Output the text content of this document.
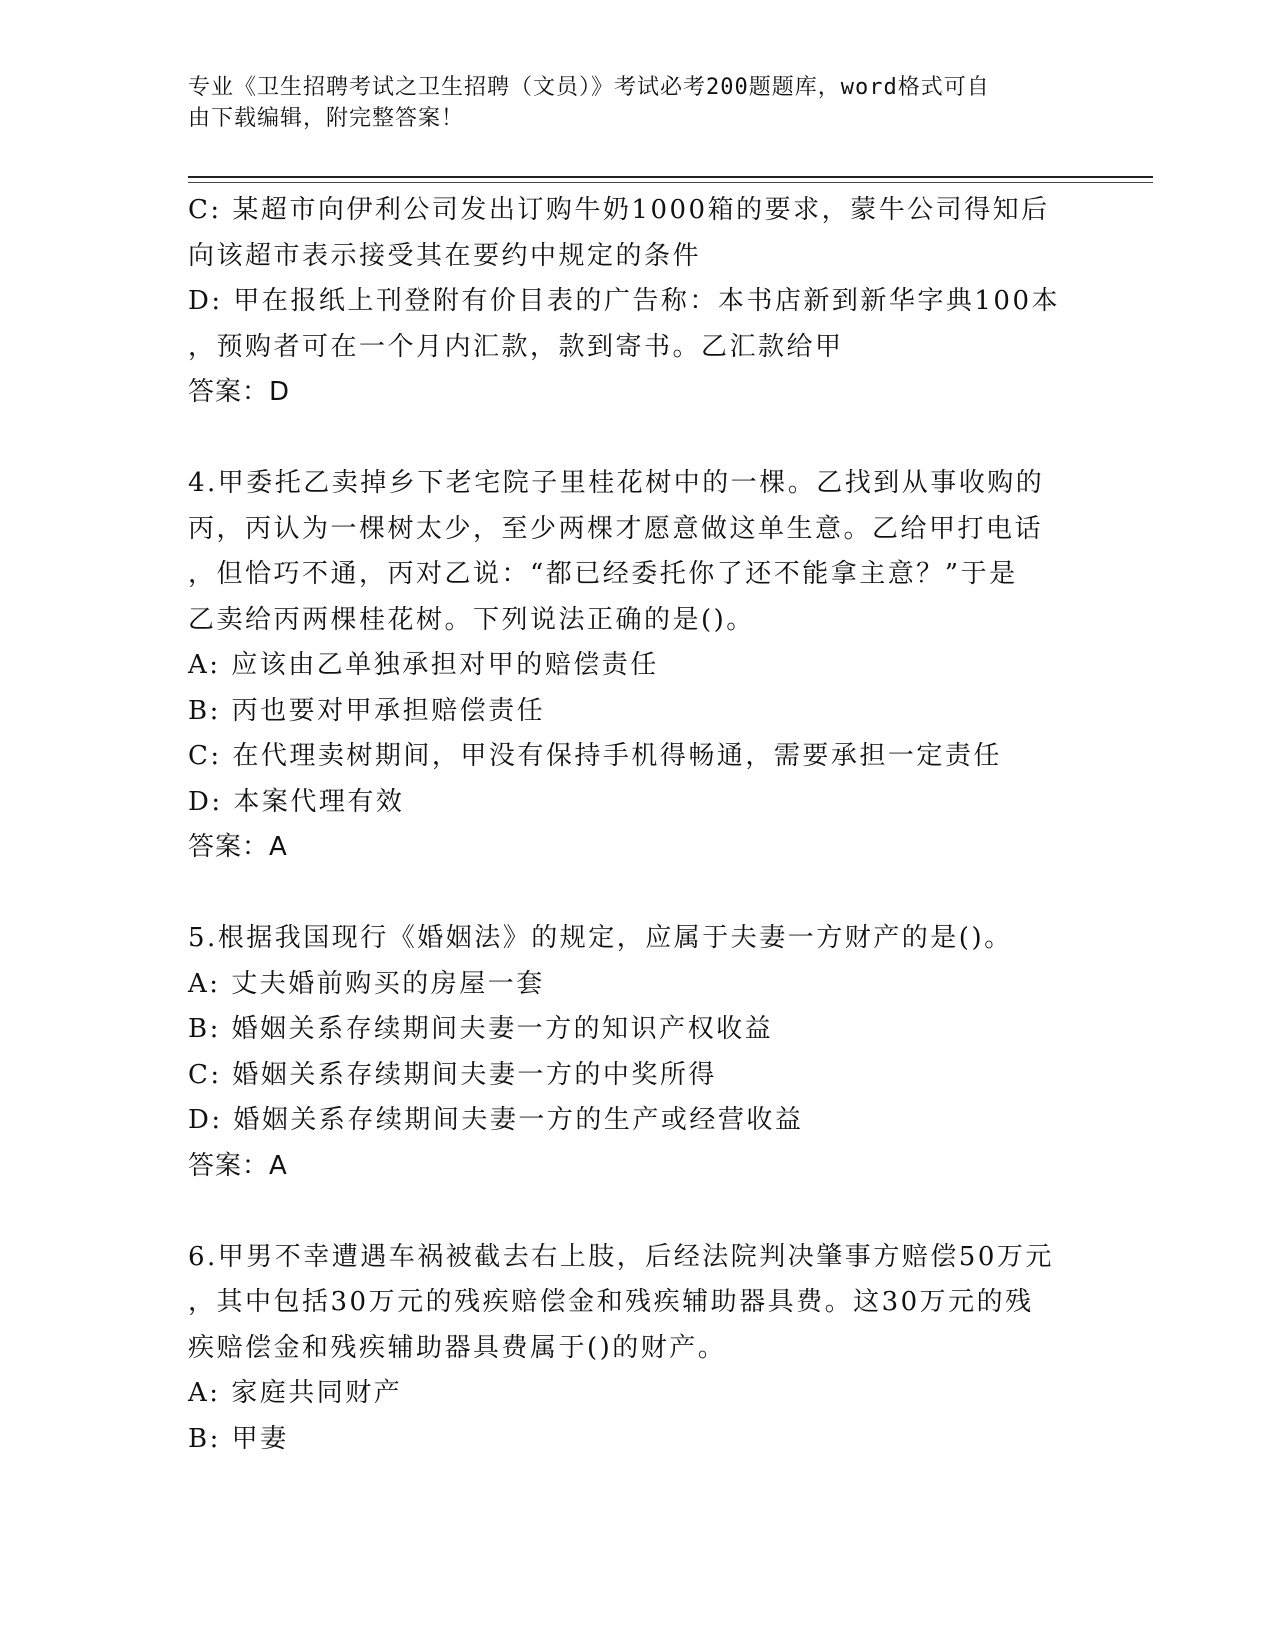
专业《卫生招聘考试之卫生招聘（文员）》考试必考200题题库，word格式可自
由下载编辑，附完整答案！
C: 某超市向伊利公司发出订购牛奶1000箱的要求，蒙牛公司得知后
向该超市表示接受其在要约中规定的条件
D: 甲在报纸上刊登附有价目表的广告称：本书店新到新华字典100本
，预购者可在一个月内汇款，款到寄书。乙汇款给甲
答案：D
4.甲委托乙卖掉乡下老宅院子里桂花树中的一棵。乙找到从事收购的
丙，丙认为一棵树太少，至少两棵才愿意做这单生意。乙给甲打电话
，但恰巧不通，丙对乙说：“都已经委托你了还不能拿主意？”于是
乙卖给丙两棵桂花树。下列说法正确的是()。
A: 应该由乙单独承担对甲的赔偿责任
B: 丙也要对甲承担赔偿责任
C: 在代理卖树期间，甲没有保持手机得畅通，需要承担一定责任
D: 本案代理有效
答案：A
5.根据我国现行《婚姻法》的规定，应属于夫妻一方财产的是()。
A: 丈夫婚前购买的房屋一套
B: 婚姻关系存续期间夫妻一方的知识产权收益
C: 婚姻关系存续期间夫妻一方的中奖所得
D: 婚姻关系存续期间夫妻一方的生产或经营收益
答案：A
6.甲男不幸遭遇车祸被截去右上肢，后经法院判决肇事方赔偿50万元
，其中包括30万元的残疾赔偿金和残疾辅助器具费。这30万元的残
疾赔偿金和残疾辅助器具费属于()的财产。
A: 家庭共同财产
B: 甲妻
